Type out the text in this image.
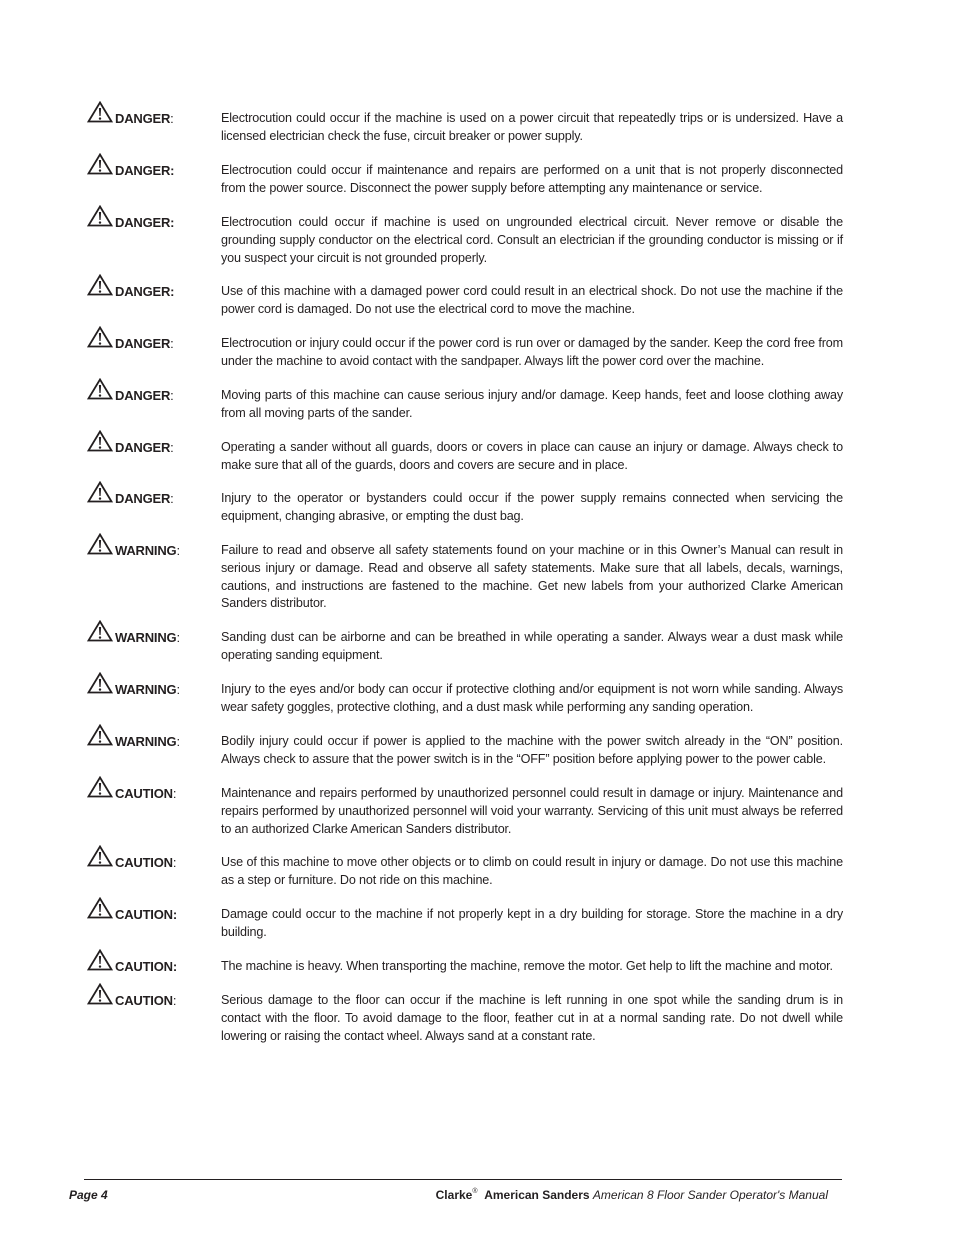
DANGER :	Electrocution could occur if the machine is used on a power circuit that repeatedly trips or is undersized. Have a licensed electrician check the fuse, circuit breaker or power supply.
DANGER:	Electrocution could occur if maintenance and repairs are performed on a unit that is not properly disconnected from the power source. Disconnect the power supply before attempting any maintenance or service.
DANGER:	Electrocution could occur if machine is used on ungrounded electrical circuit. Never remove or disable the grounding supply conductor on the electrical cord. Consult an electrician if the grounding conductor is missing or if you suspect your circuit is not grounded properly.
DANGER:	Use of this machine with a damaged power cord could result in an electrical shock. Do not use the machine if the power cord is damaged. Do not use the electrical cord to move the machine.
DANGER :	Electrocution or injury could occur if the power cord is run over or damaged by the sander. Keep the cord free from under the machine to avoid contact with the sandpaper. Always lift the power cord over the machine.
DANGER :	Moving parts of this machine can cause serious injury and/or damage. Keep hands, feet and loose clothing away from all moving parts of the sander.
DANGER :	Operating a sander without all guards, doors or covers in place can cause an injury or damage. Always check to make sure that all of the guards, doors and covers are secure and in place.
DANGER :	Injury to the operator or bystanders could occur if the power supply remains connected when servicing the equipment, changing abrasive, or empting the dust bag.
WARNING :	Failure to read and observe all safety statements found on your machine or in this Owner’s Manual can result in serious injury or damage. Read and observe all safety statements. Make sure that all labels, decals, warnings, cautions, and instructions are fastened to the machine. Get new labels from your authorized Clarke American Sanders distributor.
WARNING :	Sanding dust can be airborne and can be breathed in while operating a sander. Always wear a dust mask while operating sanding equipment.
WARNING :	Injury to the eyes and/or body can occur if protective clothing and/or equipment is not worn while sanding. Always wear safety goggles, protective clothing, and a dust mask while performing any sanding operation.
WARNING :	Bodily injury could occur if power is applied to the machine with the power switch already in the “ON” position. Always check to assure that the power switch is in the “OFF” position before applying power to the power cable.
CAUTION :	Maintenance and repairs performed by unauthorized personnel could result in damage or injury. Maintenance and repairs performed by unauthorized personnel will void your warranty. Servicing of this unit must always be referred to an authorized Clarke American Sanders distributor.
CAUTION :	Use of this machine to move other objects or to climb on could result in injury or damage. Do not use this machine as a step or furniture. Do not ride on this machine.
CAUTION:	Damage could occur to the machine if not properly kept in a dry building for storage. Store the machine in a dry building.
CAUTION:	The machine is heavy. When transporting the machine, remove the motor. Get help to lift the machine and motor.
CAUTION :	Serious damage to the floor can occur if the machine is left running in one spot while the sanding drum is in contact with the floor. To avoid damage to the floor, feather cut in at a normal sanding rate. Do not dwell while lowering or raising the contact wheel. Always sand at a constant rate.
Page 4	Clarke® American Sanders American 8 Floor Sander Operator's Manual
